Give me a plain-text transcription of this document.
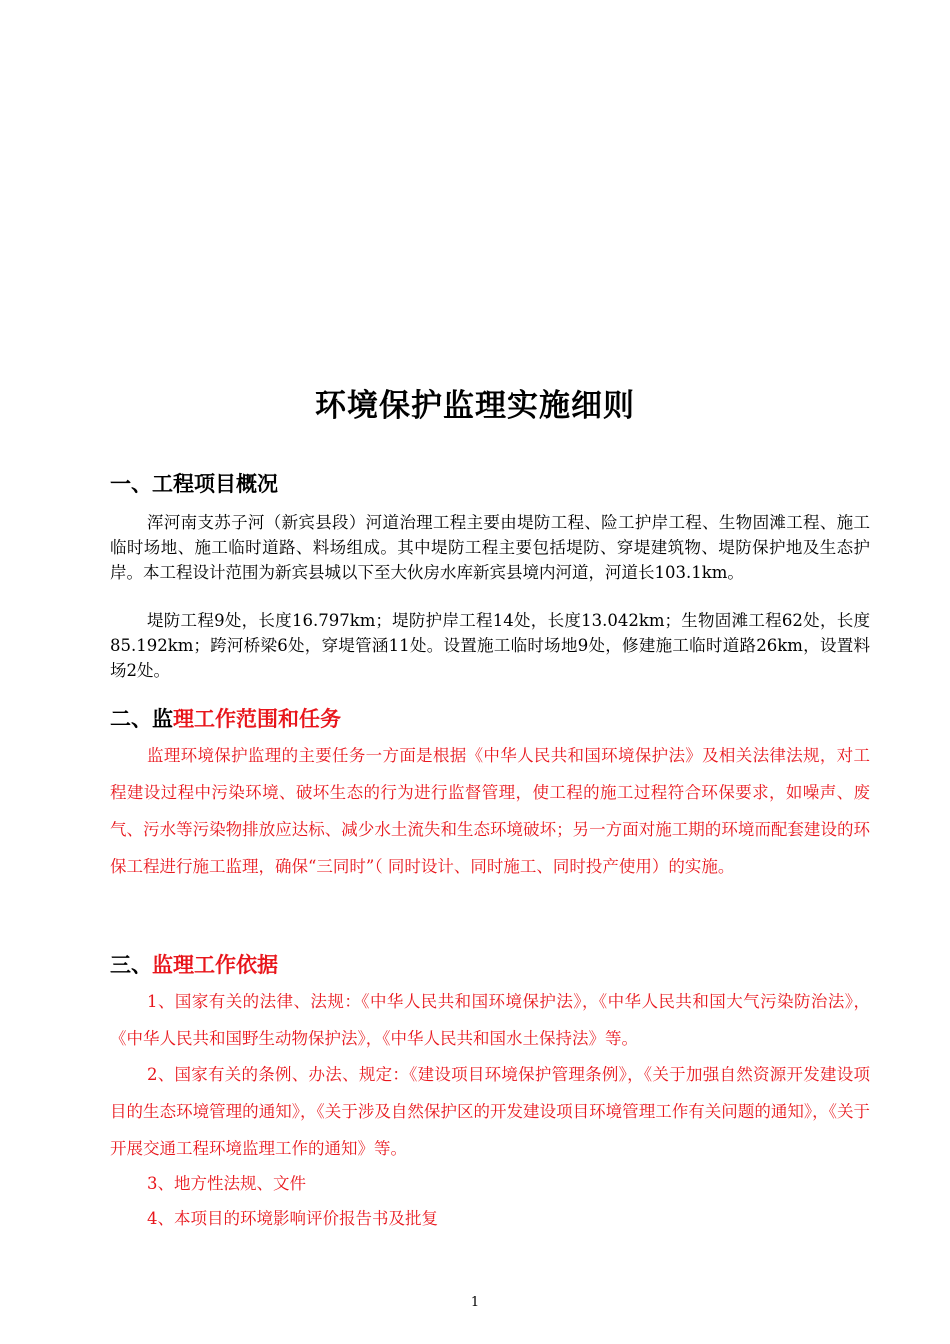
环境保护监理实施细则
一、工程项目概况

浑河南支苏子河（新宾县段）河道治理工程主要由堤防工程、险工护岸工程、生物固滩工程、施工临时场地、施工临时道路、料场组成。其中堤防工程主要包括堤防、穿堤建筑物、堤防保护地及生态护岸。本工程设计范围为新宾县城以下至大伙房水库新宾县境内河道，河道长103.1km。

堤防工程9处，长度16.797km；堤防护岸工程14处，长度13.042km；生物固滩工程62处，长度85.192km；跨河桥梁6处，穿堤管涵11处。设置施工临时场地9处，修建施工临时道路26km，设置料场2处。

二、监理工作范围和任务

监理环境保护监理的主要任务一方面是根据《中华人民共和国环境保护法》及相关法律法规，对工程建设过程中污染环境、破坏生态的行为进行监督管理，使工程的施工过程符合环保要求，如噪声、废气、污水等污染物排放应达标、减少水土流失和生态环境破坏；另一方面对施工期的环境而配套建设的环保工程进行施工监理，确保“三同时”（ 同时设计、同时施工、同时投产使用）的实施。

三、监理工作依据

1、国家有关的法律、法规：《中华人民共和国环境保护法》，《中华人民共和国大气污染防治法》，《中华人民共和国野生动物保护法》，《中华人民共和国水土保持法》等。

2、国家有关的条例、办法、规定：《建设项目环境保护管理条例》，《关于加强自然资源开发建设项目的生态环境管理的通知》，《关于涉及自然保护区的开发建设项目环境管理工作有关问题的通知》，《关于开展交通工程环境监理工作的通知》等。

3、地方性法规、文件
4、本项目的环境影响评价报告书及批复
1
